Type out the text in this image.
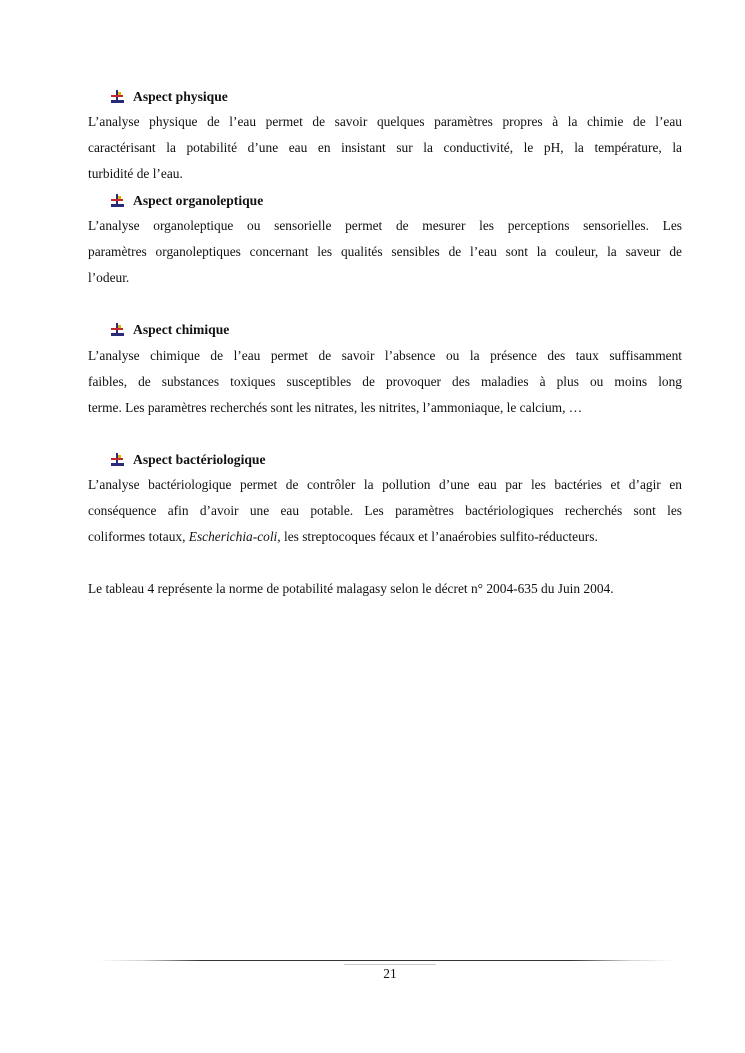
Aspect physique
L’analyse physique de l’eau permet de savoir quelques paramètres propres à la chimie de l’eau
caractérisant la potabilité d’une eau en insistant sur la conductivité, le pH, la température, la
turbidité de l’eau.
Aspect organoleptique
L’analyse organoleptique ou sensorielle permet de mesurer les perceptions sensorielles. Les
paramètres organoleptiques concernant les qualités sensibles de l’eau sont la couleur, la saveur de
l’odeur.
Aspect chimique
L’analyse chimique de l’eau permet de savoir l’absence ou la présence des taux suffisamment
faibles, de substances toxiques susceptibles de provoquer des maladies à plus ou moins long
terme. Les paramètres recherchés sont les nitrates, les nitrites, l’ammoniaque, le calcium, …
Aspect bactériologique
L’analyse bactériologique permet de contrôler la pollution d’une eau par les bactéries et d’agir en
conséquence afin d’avoir une eau potable. Les paramètres bactériologiques recherchés sont les
coliformes totaux, Escherichia-coli, les streptocoques fécaux et l’anaérobies sulfito-réducteurs.
Le tableau 4 représente la norme de potabilité malagasy selon le décret n° 2004-635 du Juin 2004.
21
